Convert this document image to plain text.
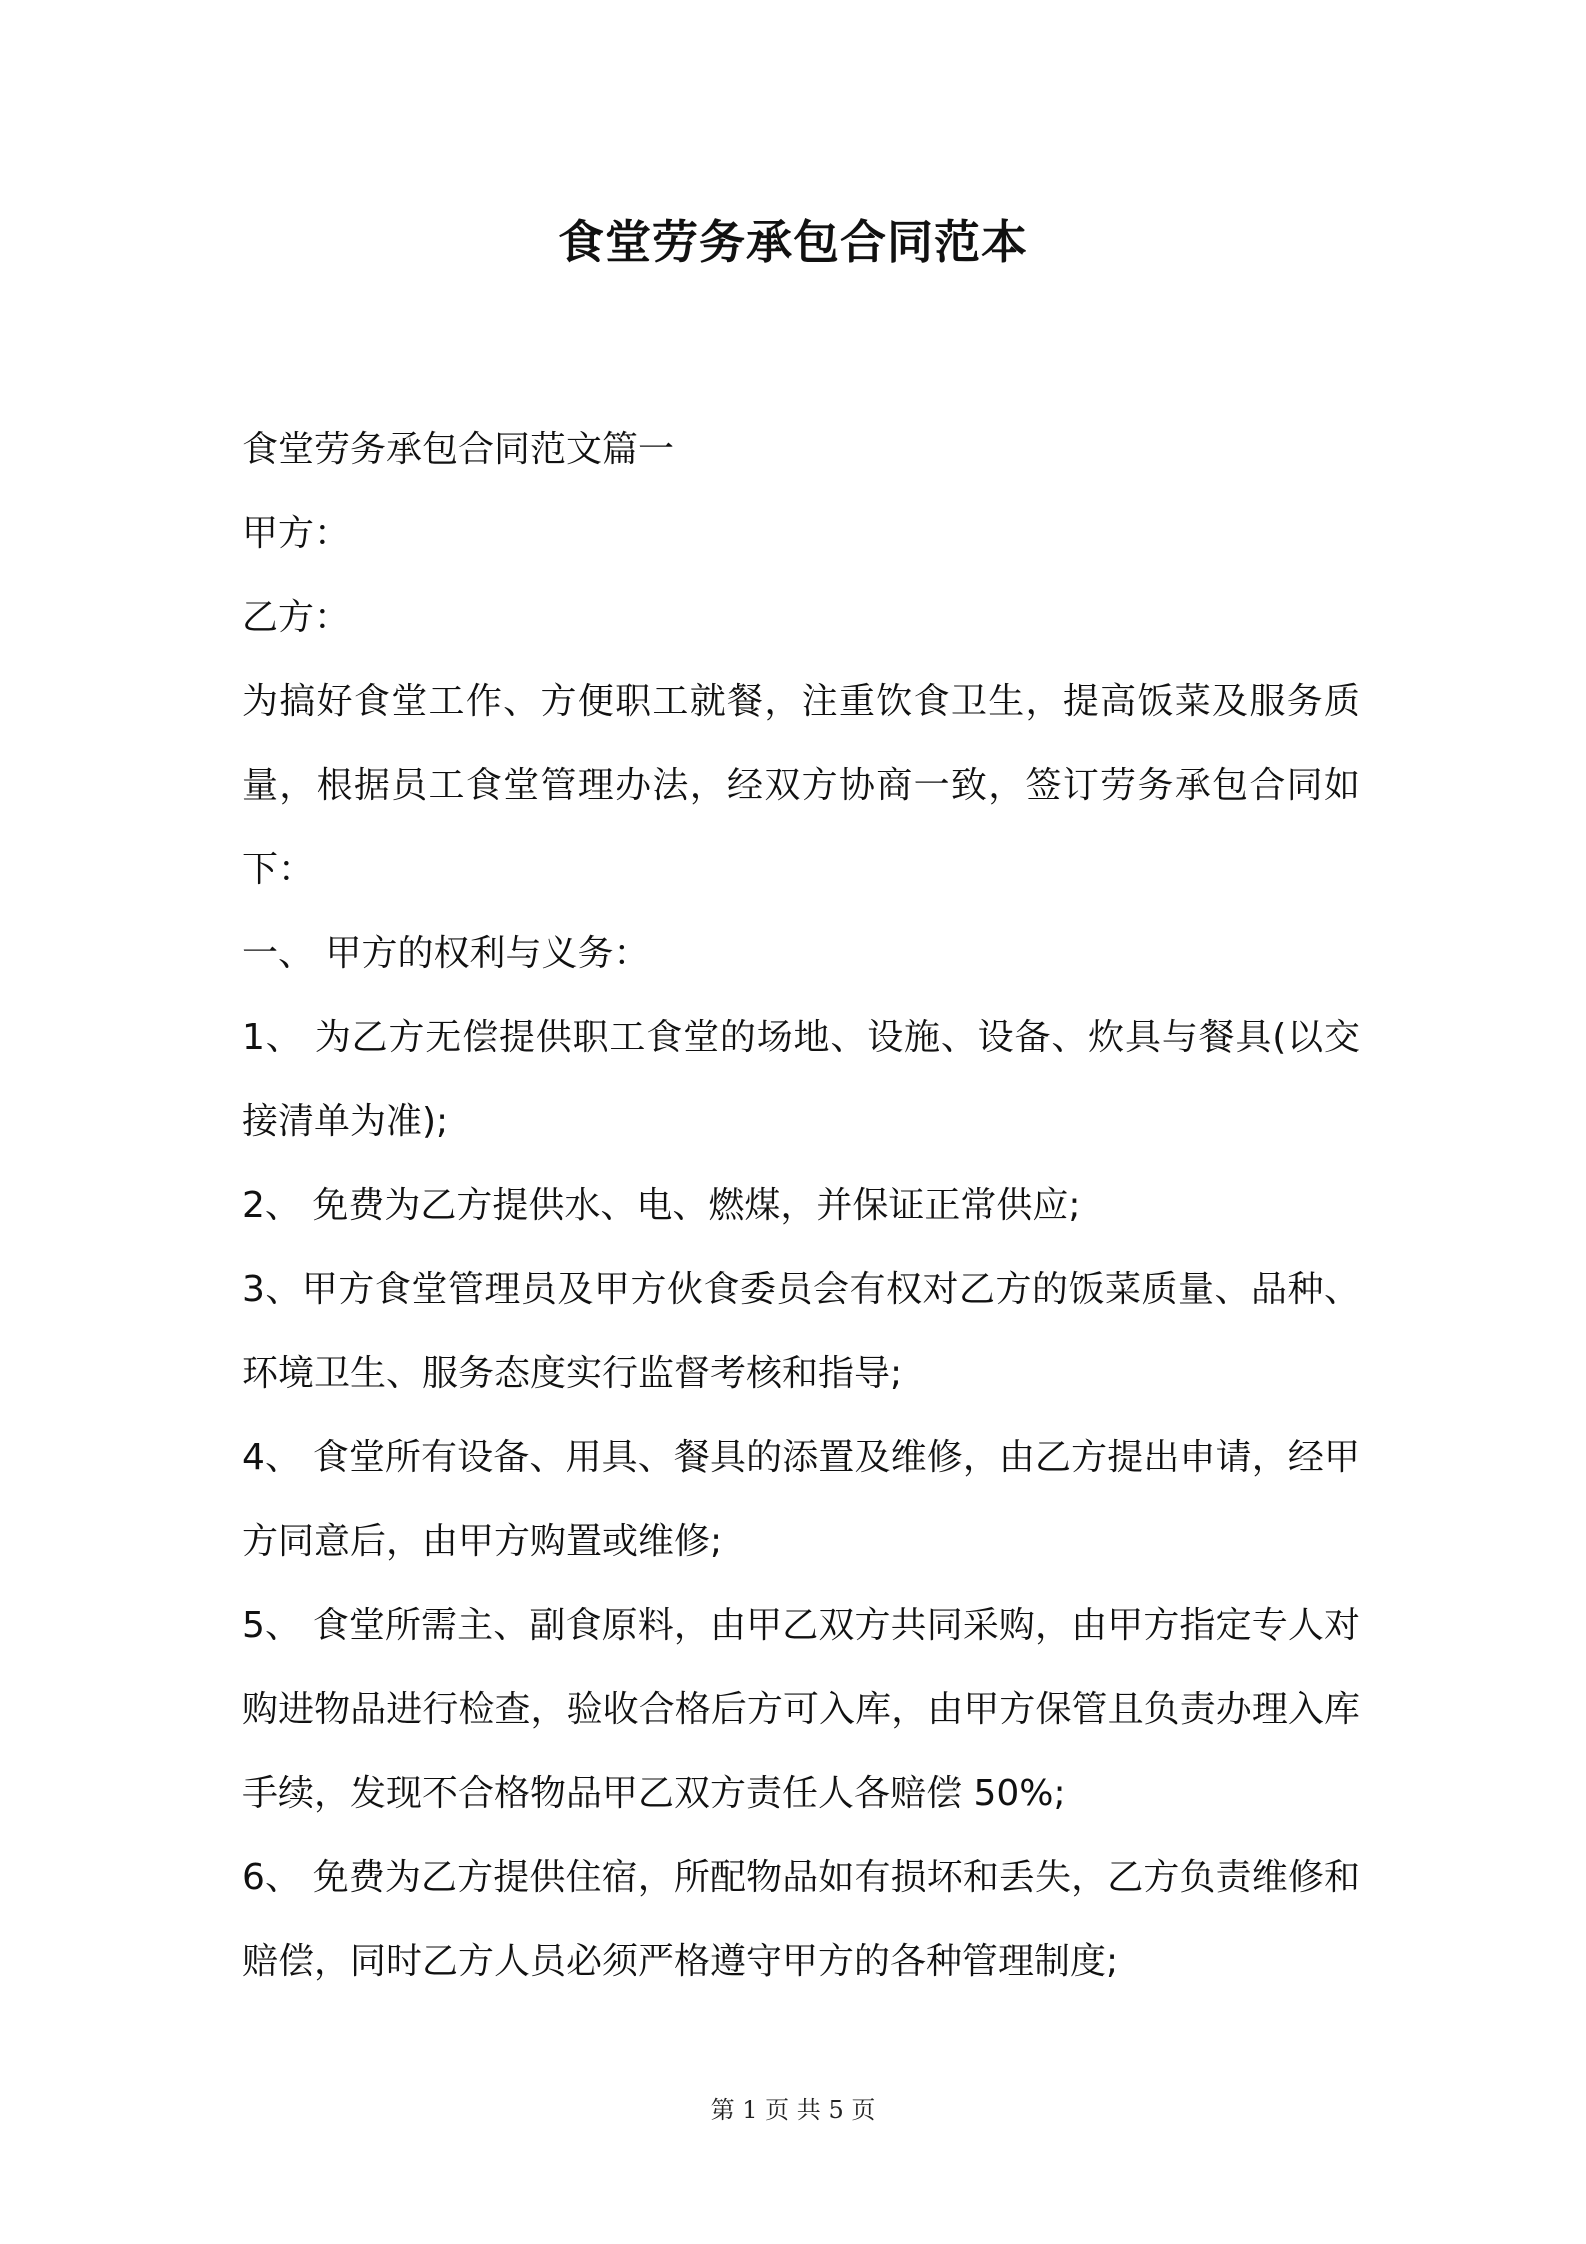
食堂劳务承包合同范本

食堂劳务承包合同范文篇一

甲方：

乙方：

为搞好食堂工作、方便职工就餐，注重饮食卫生，提高饭菜及服务质量，根据员工食堂管理办法，经双方协商一致，签订劳务承包合同如下：

一、 甲方的权利与义务：

1、 为乙方无偿提供职工食堂的场地、设施、设备、炊具与餐具(以交接清单为准);

2、 免费为乙方提供水、电、燃煤，并保证正常供应;

3、甲方食堂管理员及甲方伙食委员会有权对乙方的饭菜质量、品种、环境卫生、服务态度实行监督考核和指导;

4、 食堂所有设备、用具、餐具的添置及维修，由乙方提出申请，经甲方同意后，由甲方购置或维修;

5、 食堂所需主、副食原料，由甲乙双方共同采购，由甲方指定专人对购进物品进行检查，验收合格后方可入库，由甲方保管且负责办理入库手续，发现不合格物品甲乙双方责任人各赔偿 50%;

6、 免费为乙方提供住宿，所配物品如有损坏和丢失，乙方负责维修和赔偿，同时乙方人员必须严格遵守甲方的各种管理制度;

第 1 页 共 5 页
